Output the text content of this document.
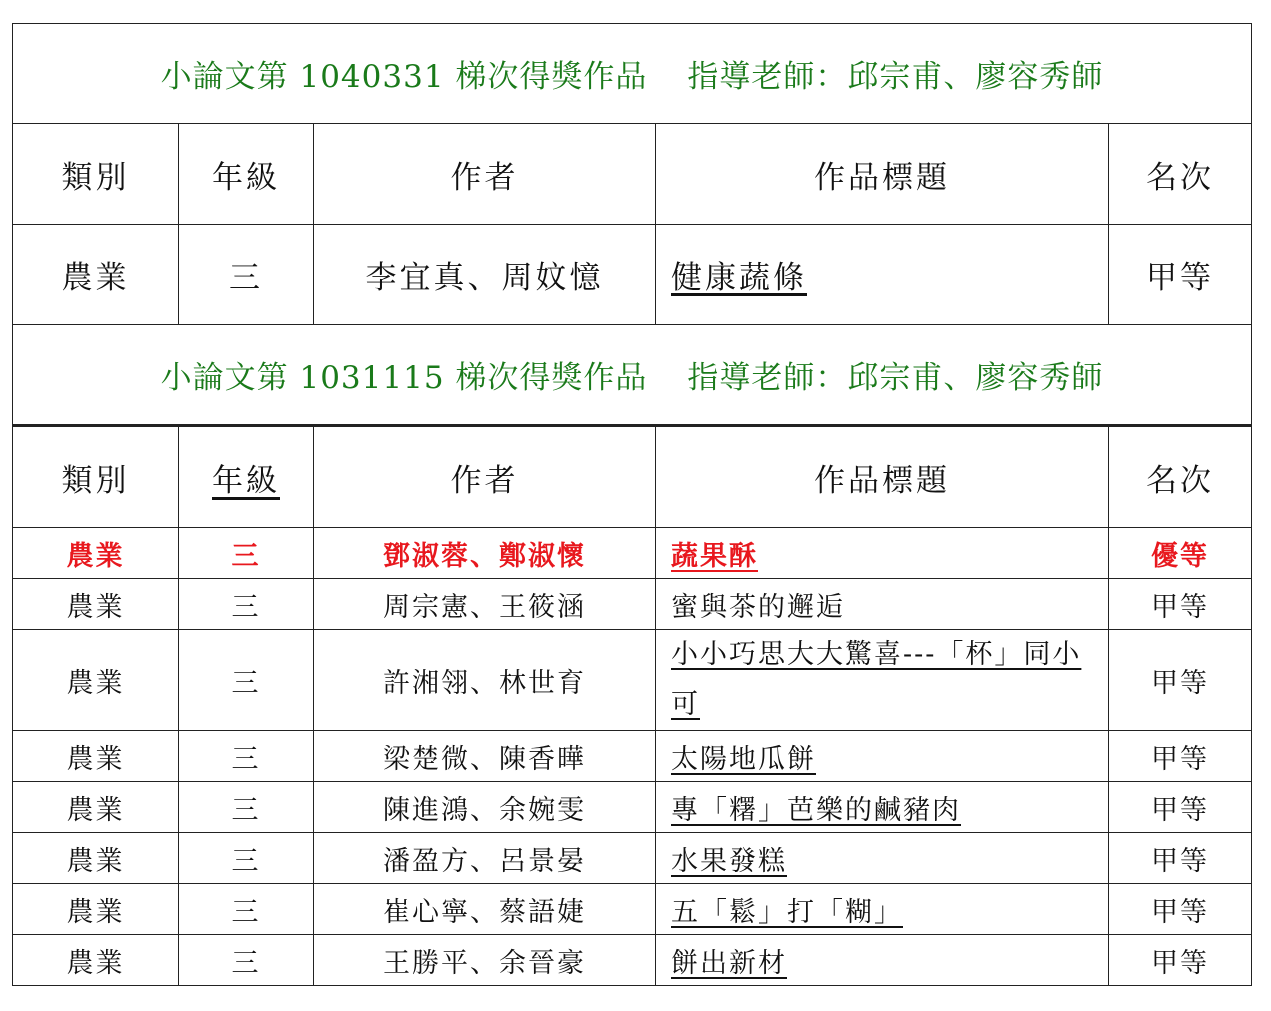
小論文第 1040331 梯次得獎作品 指導老師：邱宗甫、廖容秀師				
類別	年級	作者	作品標題	名次
農業	三	李宜真、周妏憶	健康蔬條	甲等
小論文第 1031115 梯次得獎作品 指導老師：邱宗甫、廖容秀師				
類別	年級	作者	作品標題	名次
農業	三	鄧淑蓉、鄭淑懷	蔬果酥	優等
農業	三	周宗憲、王筱涵	蜜與茶的邂逅	甲等
農業	三	許湘翎、林世育	小小巧思大大驚喜---「杯」同小可	甲等
農業	三	梁楚微、陳香曄	太陽地瓜餅	甲等
農業	三	陳進鴻、余婉雯	專「糬」芭樂的鹹豬肉	甲等
農業	三	潘盈方、呂景晏	水果發糕	甲等
農業	三	崔心寧、蔡語婕	五「鬆」打「糊」	甲等
農業	三	王勝平、余晉豪	餅出新材	甲等
